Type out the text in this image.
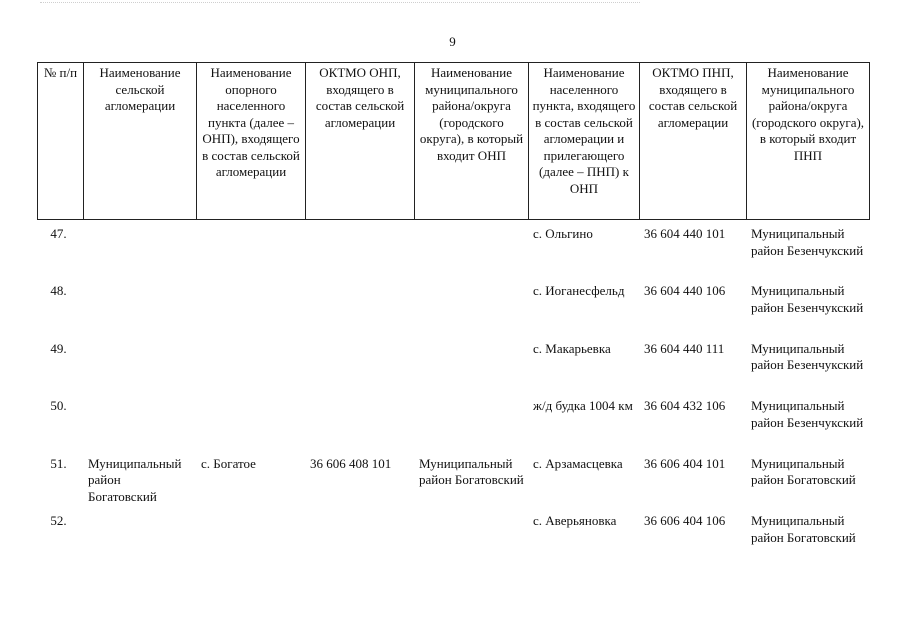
9
№ п/п	Наименование сельской агломерации	Наименование опорного населенного пункта (далее – ОНП), входящего в состав сельской агломерации	ОКТМО ОНП, входящего в состав сельской агломерации	Наименование муниципального района/округа (городского округа), в который входит ОНП	Наименование населенного пункта, входящего в состав сельской агломерации и прилегающего (далее – ПНП) к ОНП	ОКТМО ПНП, входящего в состав сельской агломерации	Наименование муниципального района/округа (городского округа), в который входит ПНП
47.					с. Ольгино	36 604 440 101	Муниципальный район Безенчукский
48.					с. Иоганесфельд	36 604 440 106	Муниципальный район Безенчукский
49.					с. Макарьевка	36 604 440 111	Муниципальный район Безенчукский
50.					ж/д будка 1004 км	36 604 432 106	Муниципальный район Безенчукский
51.	Муниципальный район Богатовский	с. Богатое	36 606 408 101	Муниципальный район Богатовский	с. Арзамасцевка	36 606 404 101	Муниципальный район Богатовский
52.					с. Аверьяновка	36 606 404 106	Муниципальный район Богатовский
